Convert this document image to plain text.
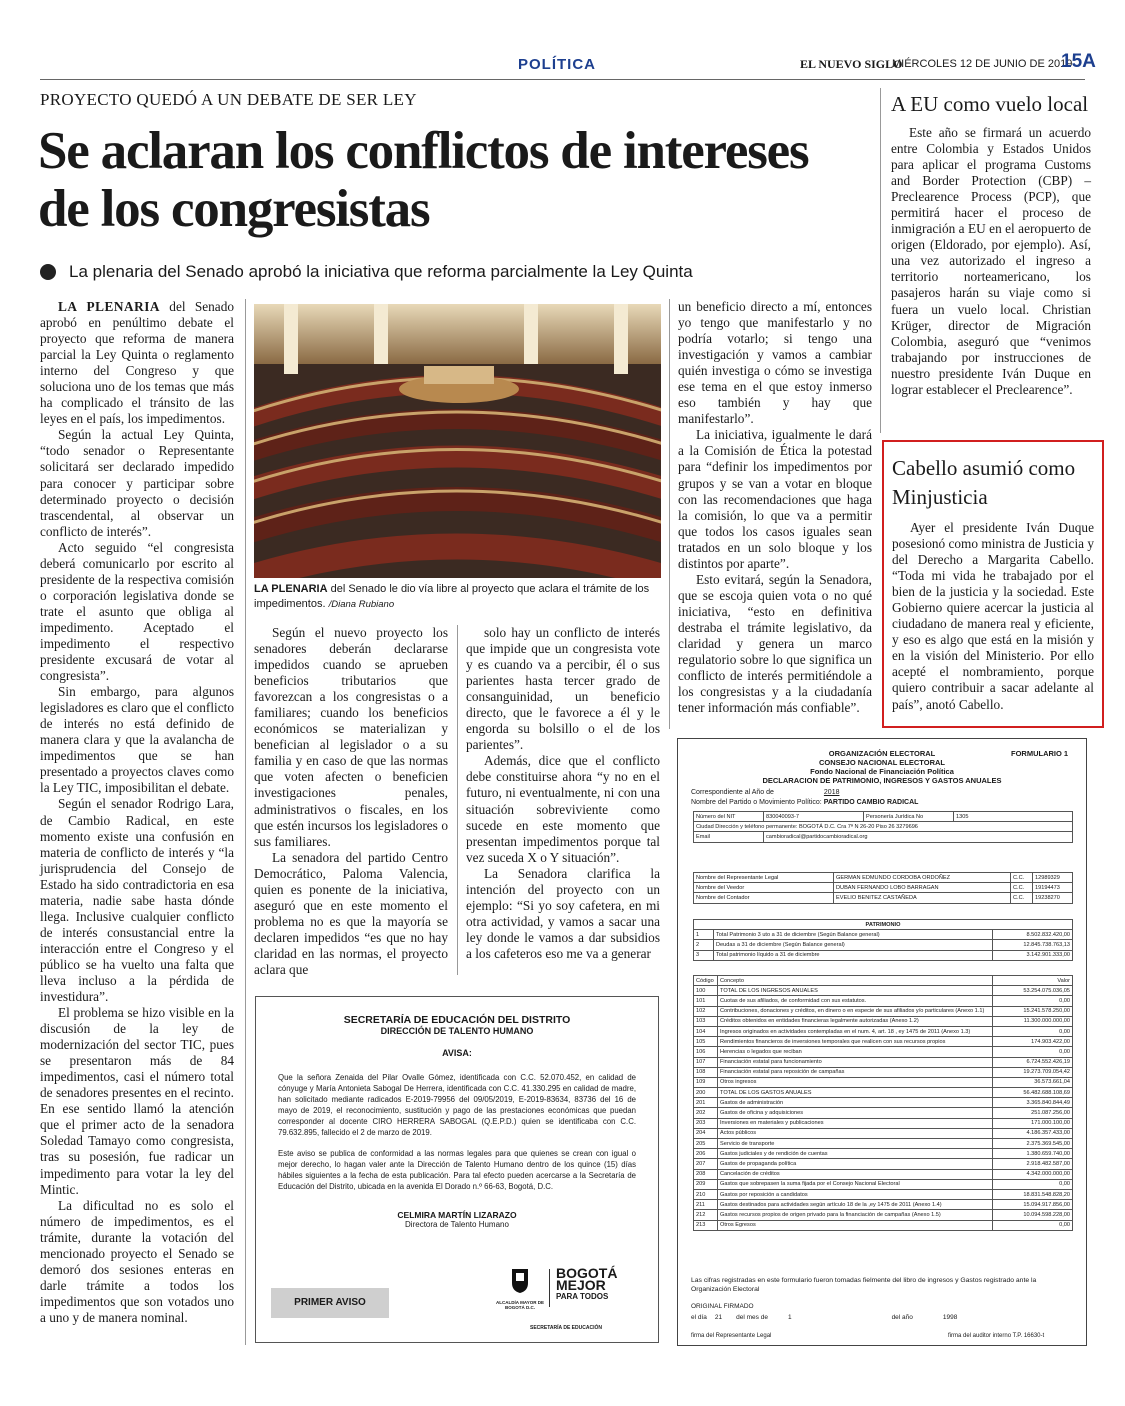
POLÍTICA	EL NUEVO SIGLO
MIÉRCOLES 12 DE JUNIO DE 2019
15A
PROYECTO QUEDÓ A UN DEBATE DE SER LEY
Se aclaran los conflictos de intereses de los congresistas
La plenaria del Senado aprobó la iniciativa que reforma parcialmente la Ley Quinta

LA PLENARIA del Senado aprobó en penúltimo debate el proyecto que reforma de manera parcial la Ley Quinta o reglamento interno del Congreso y que soluciona uno de los temas que más ha complicado el tránsito de las leyes en el país, los impedimentos.

Según la actual Ley Quinta, “todo senador o Representante solicitará ser declarado impedido para conocer y participar sobre determinado proyecto o decisión trascendental, al observar un conflicto de interés”.

Acto seguido “el congresista deberá comunicarlo por escrito al presidente de la respectiva comisión o corporación legislativa donde se trate el asunto que obliga al impedimento. Aceptado el impedimento el respectivo presidente excusará de votar al congresista”.

Sin embargo, para algunos legisladores es claro que el conflicto de interés no está definido de manera clara y que la avalancha de impedimentos que se han presentado a proyectos claves como la Ley TIC, imposibilitan el debate.

Según el senador Rodrigo Lara, de Cambio Radical, en este momento existe una confusión en materia de conflicto de interés y “la jurisprudencia del Consejo de Estado ha sido contradictoria en esa materia, nadie sabe hasta dónde llega. Inclusive cualquier conflicto de interés consustancial entre la interacción entre el Congreso y el público se ha vuelto una falta que lleva incluso a la pérdida de investidura”.

El problema se hizo visible en la discusión de la ley de modernización del sector TIC, pues se presentaron más de 84 impedimentos, casi el número total de senadores presentes en el recinto. En ese sentido llamó la atención que el primer acto de la senadora Soledad Tamayo como congresista, tras su posesión, fue radicar un impedimento para votar la ley del Mintic.

La dificultad no es solo el número de impedimentos, es el trámite, durante la votación del mencionado proyecto el Senado se demoró dos sesiones enteras en darle trámite a todos los impedimentos que son votados uno a uno y de manera nominal.

LA PLENARIA del Senado le dio vía libre al proyecto que aclara el trámite de los impedimentos. /Diana Rubiano

Según el nuevo proyecto los senadores deberán declararse impedidos cuando se aprueben beneficios tributarios que favorezcan a los congresistas o a familiares; cuando los beneficios económicos se materializan y benefician al legislador o a su familia y en caso de que las normas que voten afecten o beneficien investigaciones penales, administrativos o fiscales, en los que estén incursos los legisladores o sus familiares.

La senadora del partido Centro Democrático, Paloma Valencia, quien es ponente de la iniciativa, aseguró que en este momento el problema no es que la mayoría se declaren impedidos “es que no hay claridad en las normas, el proyecto aclara que

solo hay un conflicto de interés que impide que un congresista vote y es cuando va a percibir, él o sus parientes hasta tercer grado de consanguinidad, un beneficio directo, que le favorece a él y le engorda su bolsillo o el de los parientes”.

Además, dice que el conflicto debe constituirse ahora “y no en el futuro, ni eventualmente, ni con una situación sobreviviente como sucede en este momento que presentan impedimentos porque tal vez suceda X o Y situación”.

La Senadora clarifica la intención del proyecto con un ejemplo: “Si yo soy cafetera, en mi otra actividad, y vamos a sacar una ley donde le vamos a dar subsidios a los cafeteros eso me va a generar

un beneficio directo a mí, entonces yo tengo que manifestarlo y no podría votarlo; si tengo una investigación y vamos a cambiar quién investiga o cómo se investiga ese tema en el que estoy inmerso eso también y hay que manifestarlo”.

La iniciativa, igualmente le dará a la Comisión de Ética la potestad para “definir los impedimentos por grupos y se van a votar en bloque con las recomendaciones que haga la comisión, lo que va a permitir que todos los casos iguales sean tratados en un solo bloque y los distintos por aparte”.

Esto evitará, según la Senadora, que se escoja quien vota o no qué iniciativa, “esto en definitiva destraba el trámite legislativo, da claridad y genera un marco regulatorio sobre lo que significa un conflicto de interés permitiéndole a los congresistas y a la ciudadanía tener información más confiable”.

A EU como vuelo local
Este año se firmará un acuerdo entre Colombia y Estados Unidos para aplicar el programa Customs and Border Protection (CBP) – Preclearence Process (PCP), que permitirá hacer el proceso de inmigración a EU en el aeropuerto de origen (Eldorado, por ejemplo). Así, una vez autorizado el ingreso a territorio norteamericano, los pasajeros harán su viaje como si fuera un vuelo local. Christian Krüger, director de Migración Colombia, aseguró que “venimos trabajando por instrucciones de nuestro presidente Iván Duque en lograr establecer el Preclearence”.
Cabello asumió como Minjusticia
Ayer el presidente Iván Duque posesionó como ministra de Justicia y del Derecho a Margarita Cabello. “Toda mi vida he trabajado por el bien de la justicia y la sociedad. Este Gobierno quiere acercar la justicia al ciudadano de manera real y eficiente, y eso es algo que está en la misión y en la visión del Ministerio. Por ello acepté el nombramiento, porque quiero contribuir a sacar adelante al país”, anotó Cabello.
SECRETARÍA DE EDUCACIÓN DEL DISTRITO
DIRECCIÓN DE TALENTO HUMANO
AVISA:
Que la señora Zenaida del Pilar Ovalle Gómez, identificada con C.C. 52.070.452, en calidad de cónyuge y María Antonieta Sabogal De Herrera, identificada con C.C. 41.330.295 en calidad de madre, han solicitado mediante radicados E-2019-79956 del 09/05/2019, E-2019-83634, 83736 del 16 de mayo de 2019, el reconocimiento, sustitución y pago de las prestaciones económicas que puedan corresponder al docente CIRO HERRERA SABOGAL (Q.E.P.D.) quien se identificaba con C.C. 79.632.895, fallecido el 2 de marzo de 2019.
Este aviso se publica de conformidad a las normas legales para que quienes se crean con igual o mejor derecho, lo hagan valer ante la Dirección de Talento Humano dentro de los quince (15) días hábiles siguientes a la fecha de esta publicación. Para tal efecto pueden acercarse a la Secretaría de Educación del Distrito, ubicada en la avenida El Dorado n.º 66-63, Bogotá, D.C.
CELMIRA MARTÍN LIZARAZO
Directora de Talento Humano
PRIMER AVISO	ALCALDÍA MAYOR DE BOGOTÁ D.C.
BOGOTÁ
MEJOR
PARA TODOS
SECRETARÍA DE EDUCACIÓN
ORGANIZACIÓN ELECTORAL
CONSEJO NACIONAL ELECTORAL
Fondo Nacional de Financiación Política
DECLARACION DE PATRIMONIO, INGRESOS Y GASTOS ANUALES
FORMULARIO 1
Correspondiente al Año de	2018
Nombre del Partido o Movimiento Político: PARTIDO CAMBIO RADICAL
Número del NIT	830040093-7	Personería Jurídica No	1305
Ciudad Dirección y teléfono permanente: BOGOTÁ D.C. Cra 7ª N 26-20 Piso 26 3279696			
Email	cambioradical@partidocambioradical.org		
Nombre del Representante Legal	GERMAN EDMUNDO CORDOBA ORDOÑEZ	C.C.	12989329
Nombre del Veedor	DUBAN FERNANDO LOBO BARRAGAN	C.C.	19194473
Nombre del Contador	EVELIO BENITEZ CASTAÑEDA	C.C.	19238270
PATRIMONIO		
1	Total Patrimonio 3 uto a 31 de diciembre (Según Balance general)	8.502.832.420,00
2	Deudas a 31 de diciembre (Según Balance general)	12.845.738.763,13
3	Total patrimonio líquido a 31 de diciembre	3.142.901.333,00
Código	Concepto	Valor
100	TOTAL DE LOS INGRESOS ANUALES	53.254.075.036,05
101	Cuotas de sus afiliados, de conformidad con sus estatutos.	0,00
102	Contribuciones, donaciones y créditos, en dinero o en especie de sus afiliados y/o particulares (Anexo 1.1)	15.241.578.250,00
103	Créditos obtenidos en entidades financieras legalmente autorizadas (Anexo 1.2)	11.300.000.000,00
104	Ingresos originados en actividades contempladas en el num. 4, art. 18 , ey 1475 de 2011 (Anexo 1.3)	0,00
105	Rendimientos financieros de inversiones temporales que realicen con sus recursos propios	174.903.422,00
106	Herencias o legados que reciban	0,00
107	Financiación estatal para funcionamiento	6.724.552.426,19
108	Financiación estatal para reposición de campañas	19.273.709.054,42
109	Otros ingresos	36.573.661,04
200	TOTAL DE LOS GASTOS ANUALES	56.482.688.108,69
201	Gastos de administración	3.365.840.844,49
202	Gastos de oficina y adquisiciones	251.087.256,00
203	Inversiones en materiales y publicaciones	171.000.100,00
204	Actos públicos	4.186.357.433,00
205	Servicio de transporte	2.375.369.545,00
206	Gastos judiciales y de rendición de cuentas	1.380.659.740,00
207	Gastos de propaganda política	2.918.482.587,00
208	Cancelación de créditos	4.342.000.000,00
209	Gastos que sobrepasen la suma fijada por el Consejo Nacional Electoral	0,00
210	Gastos por reposición a candidatos	18.831.548.828,20
211	Gastos destinados para actividades según artículo 18 de la ,ey 1475 de 2011 (Anexo 1.4)	15.094.917.856,00
212	Gastos recursos propios de origen privado para la financiación de campañas (Anexo 1.5)	10.094.598.228,00
213	Otros Egresos	0,00
Las cifras registradas en este formulario fueron tomadas fielmente del libro de ingresos y Gastos registrado ante la Organización Electoral
ORIGINAL FIRMADO
el día 21 del mes de	1	del año	1998
firma del Representante Legal	firma del auditor interno T.P. 16630-t
